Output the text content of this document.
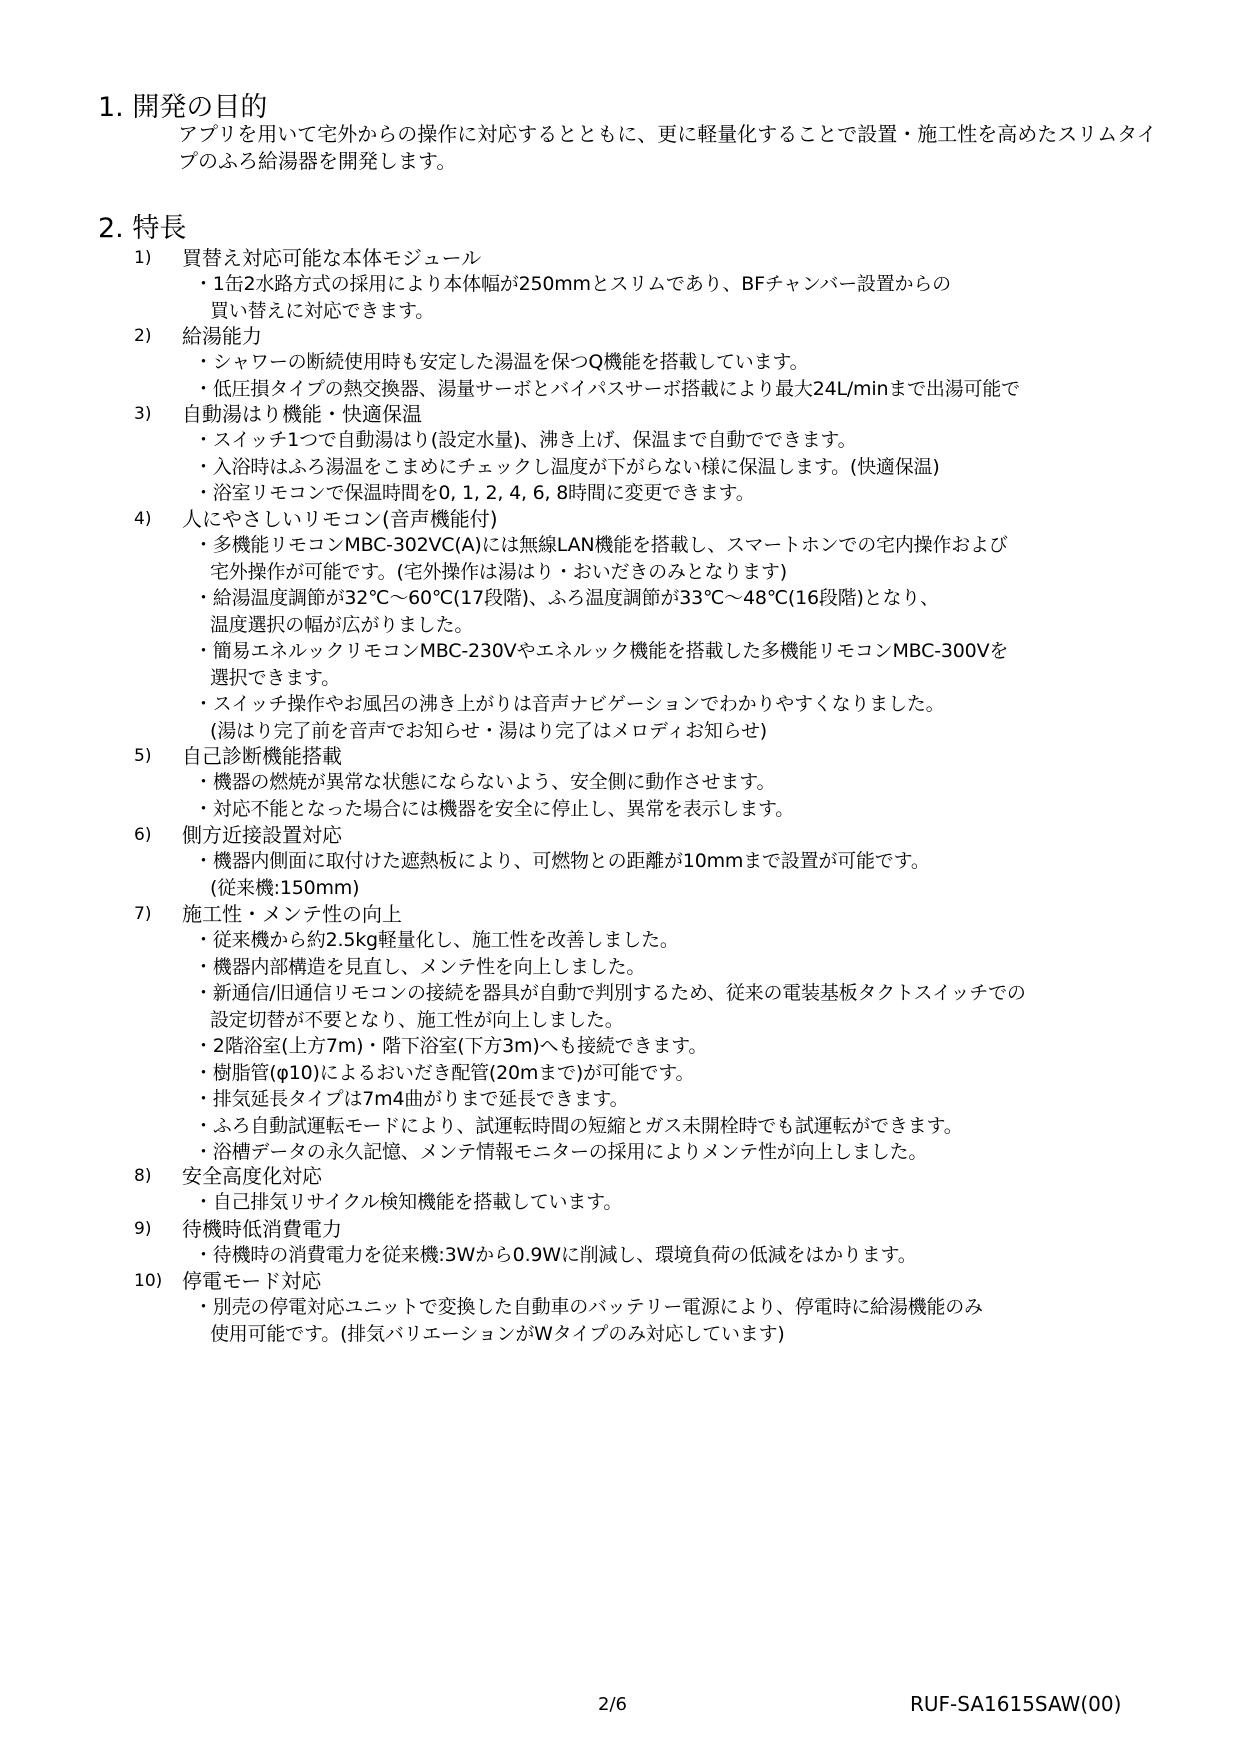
1. 開発の目的
アプリを用いて宅外からの操作に対応するとともに、更に軽量化することで設置・施工性を高めたスリムタイプのふろ給湯器を開発します。
2. 特長
1)	買替え対応可能な本体モジュール
・1缶2水路方式の採用により本体幅が250mmとスリムであり、BFチャンバー設置からの
買い替えに対応できます。
2)	給湯能力
・シャワーの断続使用時も安定した湯温を保つQ機能を搭載しています。
・低圧損タイプの熱交換器、湯量サーボとバイパスサーボ搭載により最大24L/minまで出湯可能で
3)	自動湯はり機能・快適保温
・スイッチ1つで自動湯はり(設定水量)、沸き上げ、保温まで自動でできます。
・入浴時はふろ湯温をこまめにチェックし温度が下がらない様に保温します。(快適保温)
・浴室リモコンで保温時間を0, 1, 2, 4, 6, 8時間に変更できます。
4)	人にやさしいリモコン(音声機能付)
・多機能リモコンMBC-302VC(A)には無線LAN機能を搭載し、スマートホンでの宅内操作および
宅外操作が可能です。(宅外操作は湯はり・おいだきのみとなります)
・給湯温度調節が32℃～60℃(17段階)、ふろ温度調節が33℃～48℃(16段階)となり、
温度選択の幅が広がりました。
・簡易エネルックリモコンMBC-230Vやエネルック機能を搭載した多機能リモコンMBC-300Vを
選択できます。
・スイッチ操作やお風呂の沸き上がりは音声ナビゲーションでわかりやすくなりました。
(湯はり完了前を音声でお知らせ・湯はり完了はメロディお知らせ)
5)	自己診断機能搭載
・機器の燃焼が異常な状態にならないよう、安全側に動作させます。
・対応不能となった場合には機器を安全に停止し、異常を表示します。
6)	側方近接設置対応
・機器内側面に取付けた遮熱板により、可燃物との距離が10mmまで設置が可能です。
(従来機:150mm)
7)	施工性・メンテ性の向上
・従来機から約2.5kg軽量化し、施工性を改善しました。
・機器内部構造を見直し、メンテ性を向上しました。
・新通信/旧通信リモコンの接続を器具が自動で判別するため、従来の電装基板タクトスイッチでの
設定切替が不要となり、施工性が向上しました。
・2階浴室(上方7m)・階下浴室(下方3m)へも接続できます。
・樹脂管(φ10)によるおいだき配管(20mまで)が可能です。
・排気延長タイプは7m4曲がりまで延長できます。
・ふろ自動試運転モードにより、試運転時間の短縮とガス未開栓時でも試運転ができます。
・浴槽データの永久記憶、メンテ情報モニターの採用によりメンテ性が向上しました。
8)	安全高度化対応
・自己排気リサイクル検知機能を搭載しています。
9)	待機時低消費電力
・待機時の消費電力を従来機:3Wから0.9Wに削減し、環境負荷の低減をはかります。
10) 停電モード対応
・別売の停電対応ユニットで変換した自動車のバッテリー電源により、停電時に給湯機能のみ
使用可能です。(排気バリエーションがWタイプのみ対応しています)
2/6	RUF-SA1615SAW(00)
